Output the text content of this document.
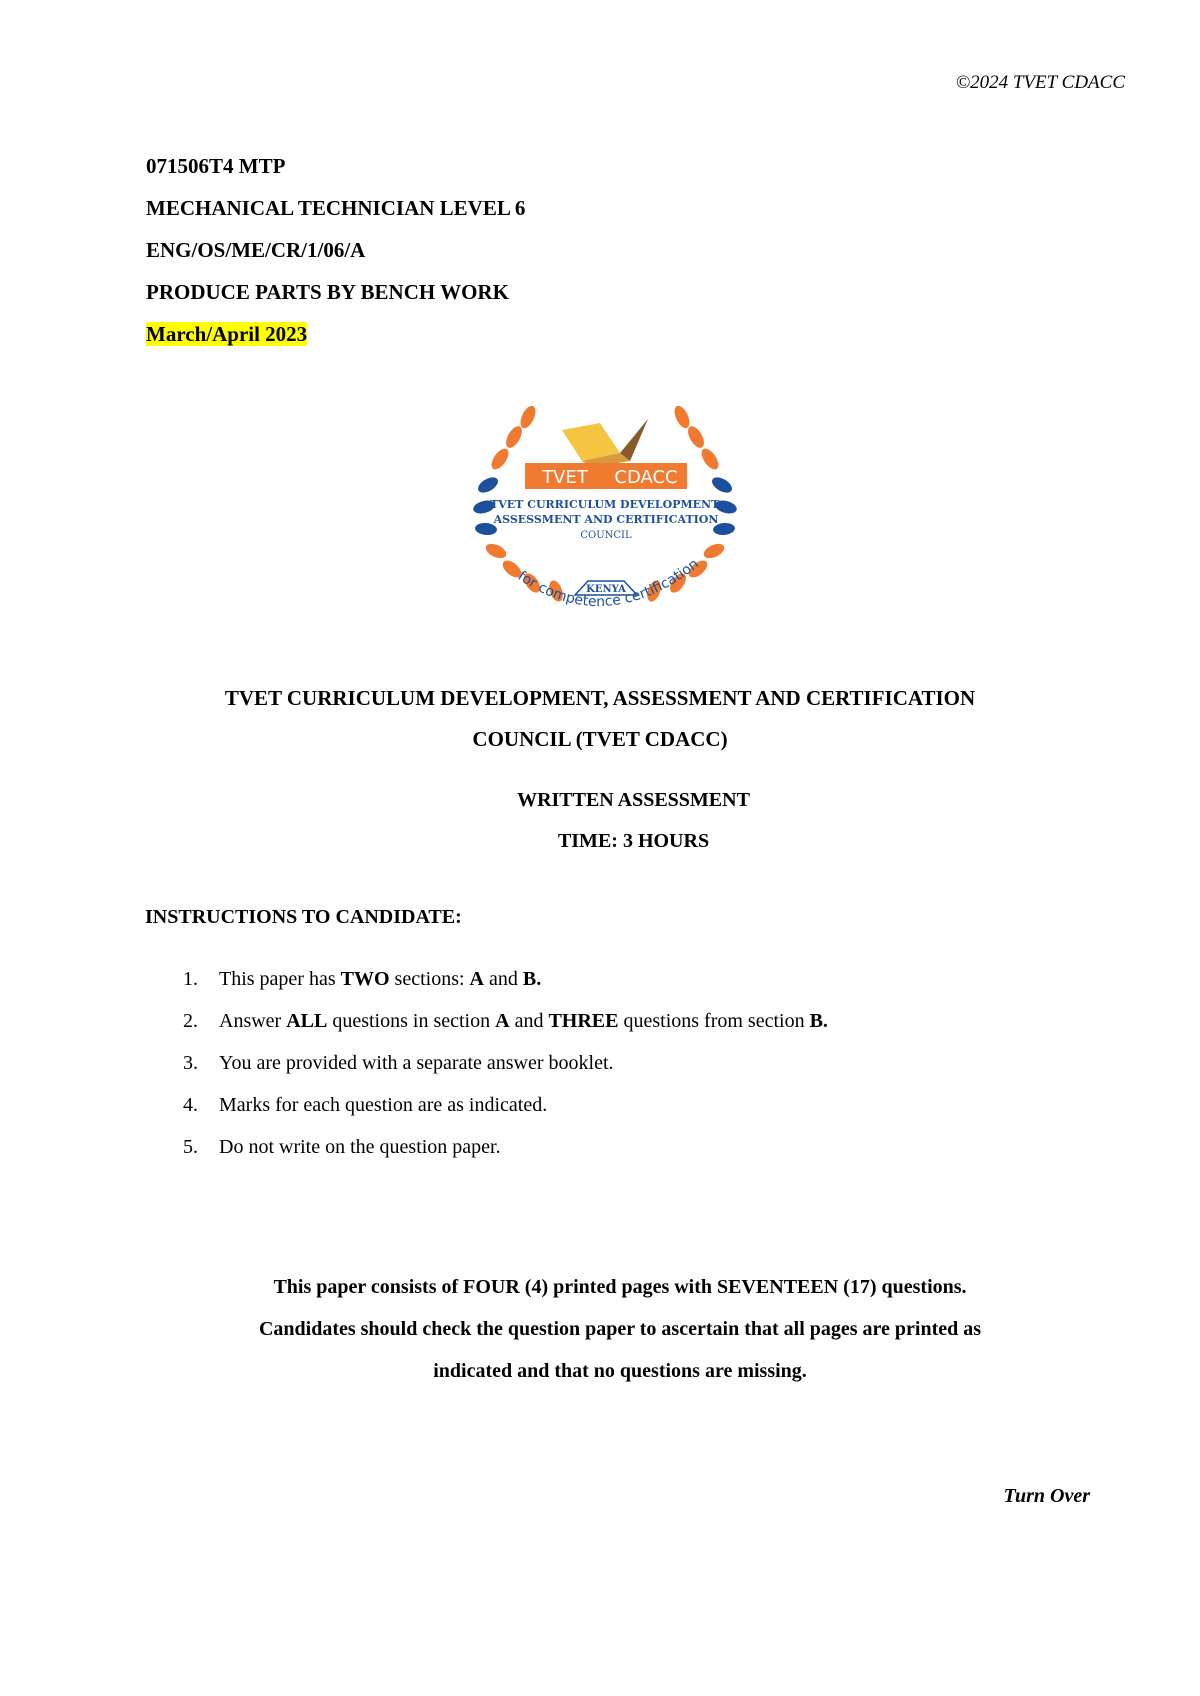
©2024 TVET CDACC
071506T4 MTP
MECHANICAL TECHNICIAN LEVEL 6
ENG/OS/ME/CR/1/06/A
PRODUCE PARTS BY BENCH WORK
March/April 2023
TVET CDACC
TVET CURRICULUM DEVELOPMENT,
ASSESSMENT AND CERTIFICATION
COUNCIL
KENYA
for competence certification
TVET CURRICULUM DEVELOPMENT, ASSESSMENT AND CERTIFICATION
COUNCIL (TVET CDACC)
WRITTEN ASSESSMENT
TIME: 3 HOURS
INSTRUCTIONS TO CANDIDATE:
1.	This paper has TWO sections: A and B.
2.	Answer ALL questions in section A and THREE questions from section B.
3.	You are provided with a separate answer booklet.
4.	Marks for each question are as indicated.
5.	Do not write on the question paper.
This paper consists of FOUR (4) printed pages with SEVENTEEN (17) questions.
Candidates should check the question paper to ascertain that all pages are printed as
indicated and that no questions are missing.
Turn Over
